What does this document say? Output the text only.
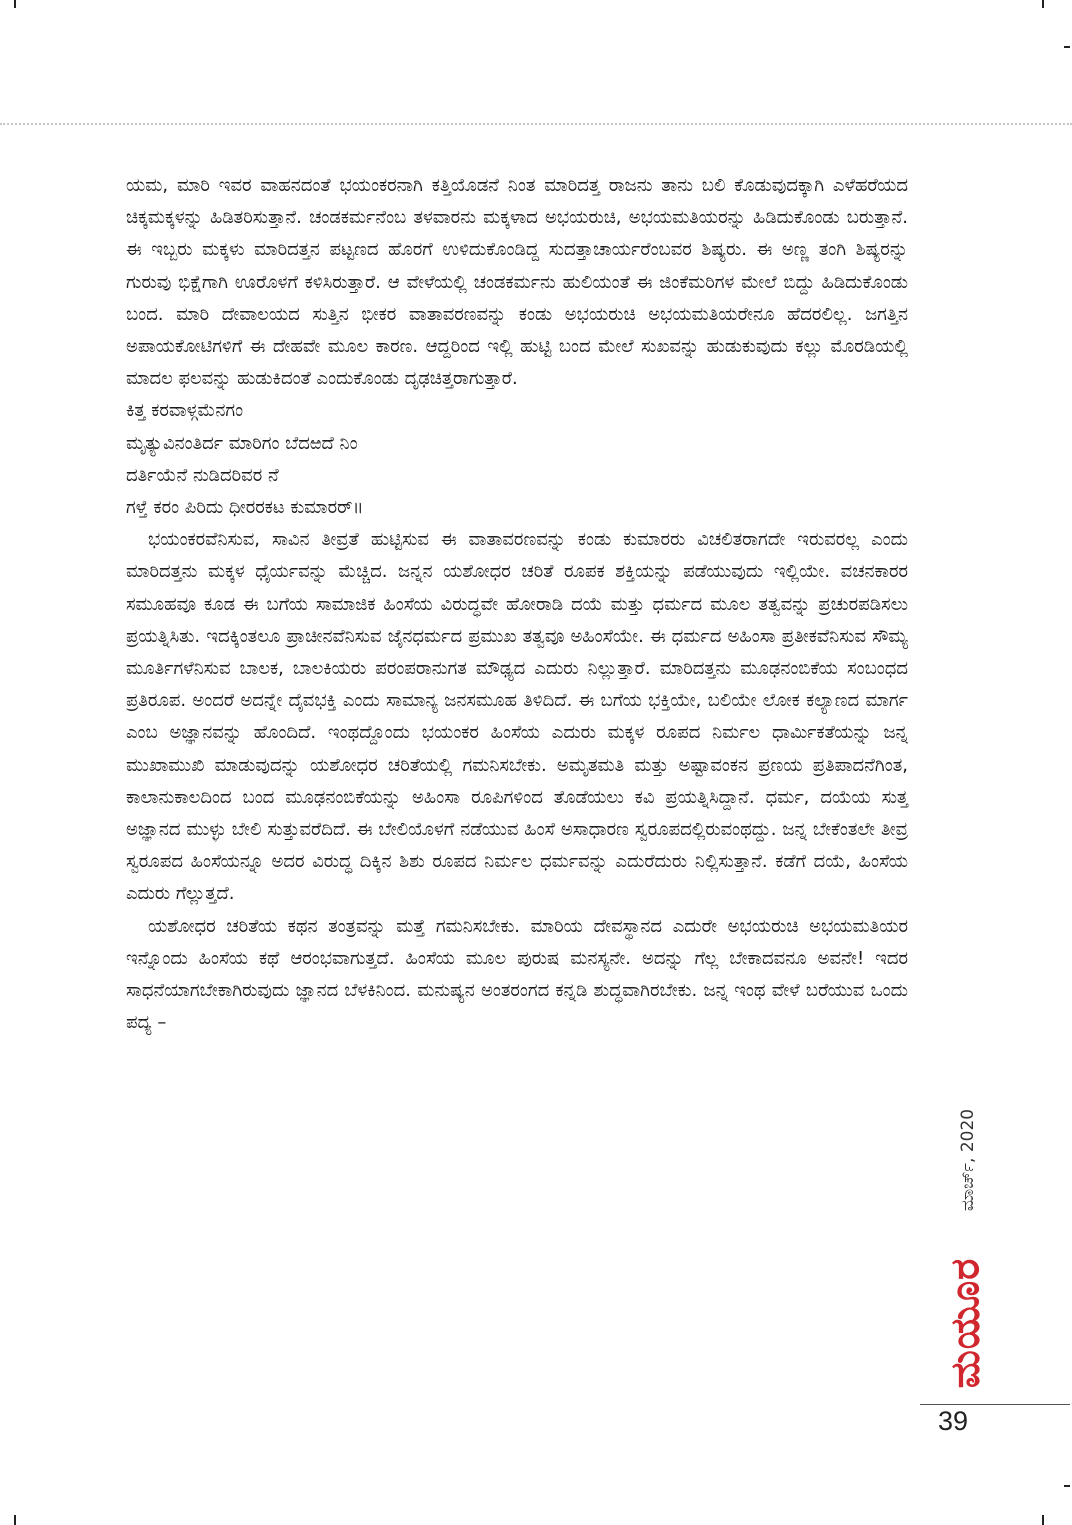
ಯಮ, ಮಾರಿ ಇವರ ವಾಹನದಂತೆ ಭಯಂಕರನಾಗಿ ಕತ್ತಿಯೊಡನೆ ನಿಂತ ಮಾರಿದತ್ತ ರಾಜನು ತಾನು ಬಲಿ ಕೊಡುವುದಕ್ಕಾಗಿ ಎಳೆಹರೆಯದ ಚಿಕ್ಕಮಕ್ಕಳನ್ನು ಹಿಡಿತರಿಸುತ್ತಾನೆ. ಚಂಡಕರ್ಮನೆಂಬ ತಳವಾರನು ಮಕ್ಕಳಾದ ಅಭಯರುಚಿ, ಅಭಯಮತಿಯರನ್ನು ಹಿಡಿದುಕೊಂಡು ಬರುತ್ತಾನೆ. ಈ ಇಬ್ಬರು ಮಕ್ಕಳು ಮಾರಿದತ್ತನ ಪಟ್ಟಣದ ಹೊರಗೆ ಉಳಿದುಕೊಂಡಿದ್ದ ಸುದತ್ತಾಚಾರ್ಯರೆಂಬವರ ಶಿಷ್ಯರು. ಈ ಅಣ್ಣ ತಂಗಿ ಶಿಷ್ಯರನ್ನು ಗುರುವು ಭಿಕ್ಷೆಗಾಗಿ ಊರೊಳಗೆ ಕಳಿಸಿರುತ್ತಾರೆ. ಆ ವೇಳೆಯಲ್ಲಿ ಚಂಡಕರ್ಮನು ಹುಲಿಯಂತೆ ಈ ಜಿಂಕೆಮರಿಗಳ ಮೇಲೆ ಬಿದ್ದು ಹಿಡಿದುಕೊಂಡು ಬಂದ. ಮಾರಿ ದೇವಾಲಯದ ಸುತ್ತಿನ ಭೀಕರ ವಾತಾವರಣವನ್ನು ಕಂಡು ಅಭಯರುಚಿ ಅಭಯಮತಿಯರೇನೂ ಹೆದರಲಿಲ್ಲ. ಜಗತ್ತಿನ ಅಪಾಯಕೋಟಿಗಳಿಗೆ ಈ ದೇಹವೇ ಮೂಲ ಕಾರಣ. ಆದ್ದರಿಂದ ಇಲ್ಲಿ ಹುಟ್ಟಿ ಬಂದ ಮೇಲೆ ಸುಖವನ್ನು ಹುಡುಕುವುದು ಕಲ್ಲು ಮೊರಡಿಯಲ್ಲಿ ಮಾದಲ ಫಲವನ್ನು ಹುಡುಕಿದಂತೆ ಎಂದುಕೊಂಡು ದೃಢಚಿತ್ತರಾಗುತ್ತಾರೆ.

ಕಿತ್ತ ಕರವಾಳ್ಗಮೆನಗಂ
ಮೃತ್ಯುವಿನಂತಿರ್ದ ಮಾರಿಗಂ ಬೆದಱದೆ ನಿಂ
ದರ್ತಿಯೆನೆ ನುಡಿದರಿವರ ನೆ
ಗಳ್ತೆ ಕರಂ ಪಿರಿದು ಧೀರರಕಟ ಕುಮಾರರ್॥

ಭಯಂಕರವೆನಿಸುವ, ಸಾವಿನ ತೀವ್ರತೆ ಹುಟ್ಟಿಸುವ ಈ ವಾತಾವರಣವನ್ನು ಕಂಡು ಕುಮಾರರು ವಿಚಲಿತರಾಗದೇ ಇರುವರಲ್ಲ ಎಂದು ಮಾರಿದತ್ತನು ಮಕ್ಕಳ ಧೈರ್ಯವನ್ನು ಮೆಚ್ಚಿದ. ಜನ್ನನ ಯಶೋಧರ ಚರಿತೆ ರೂಪಕ ಶಕ್ತಿಯನ್ನು ಪಡೆಯುವುದು ಇಲ್ಲಿಯೇ. ವಚನಕಾರರ ಸಮೂಹವೂ ಕೂಡ ಈ ಬಗೆಯ ಸಾಮಾಜಿಕ ಹಿಂಸೆಯ ವಿರುದ್ಧವೇ ಹೋರಾಡಿ ದಯೆ ಮತ್ತು ಧರ್ಮದ ಮೂಲ ತತ್ವವನ್ನು ಪ್ರಚುರಪಡಿಸಲು ಪ್ರಯತ್ನಿಸಿತು. ಇದಕ್ಕಿಂತಲೂ ಪ್ರಾಚೀನವೆನಿಸುವ ಜೈನಧರ್ಮದ ಪ್ರಮುಖ ತತ್ವವೂ ಅಹಿಂಸೆಯೇ. ಈ ಧರ್ಮದ ಅಹಿಂಸಾ ಪ್ರತೀಕವೆನಿಸುವ ಸೌಮ್ಯ ಮೂರ್ತಿಗಳೆನಿಸುವ ಬಾಲಕ, ಬಾಲಕಿಯರು ಪರಂಪರಾನುಗತ ಮೌಢ್ಯದ ಎದುರು ನಿಲ್ಲುತ್ತಾರೆ. ಮಾರಿದತ್ತನು ಮೂಢನಂಬಿಕೆಯ ಸಂಬಂಧದ ಪ್ರತಿರೂಪ. ಅಂದರೆ ಅದನ್ನೇ ದೈವಭಕ್ತಿ ಎಂದು ಸಾಮಾನ್ಯ ಜನಸಮೂಹ ತಿಳಿದಿದೆ. ಈ ಬಗೆಯ ಭಕ್ತಿಯೇ, ಬಲಿಯೇ ಲೋಕ ಕಲ್ಯಾಣದ ಮಾರ್ಗ ಎಂಬ ಅಜ್ಞಾನವನ್ನು ಹೊಂದಿದೆ. ಇಂಥದ್ದೊಂದು ಭಯಂಕರ ಹಿಂಸೆಯ ಎದುರು ಮಕ್ಕಳ ರೂಪದ ನಿರ್ಮಲ ಧಾರ್ಮಿಕತೆಯನ್ನು ಜನ್ನ ಮುಖಾಮುಖಿ ಮಾಡುವುದನ್ನು ಯಶೋಧರ ಚರಿತೆಯಲ್ಲಿ ಗಮನಿಸಬೇಕು. ಅಮೃತಮತಿ ಮತ್ತು ಅಷ್ಟಾವಂಕನ ಪ್ರಣಯ ಪ್ರತಿಪಾದನೆಗಿಂತ, ಕಾಲಾನುಕಾಲದಿಂದ ಬಂದ ಮೂಢನಂಬಿಕೆಯನ್ನು ಅಹಿಂಸಾ ರೂಪಿಗಳಿಂದ ತೊಡೆಯಲು ಕವಿ ಪ್ರಯತ್ನಿಸಿದ್ದಾನೆ. ಧರ್ಮ, ದಯೆಯ ಸುತ್ತ ಅಜ್ಞಾನದ ಮುಳ್ಳು ಬೇಲಿ ಸುತ್ತುವರೆದಿದೆ. ಈ ಬೇಲಿಯೊಳಗೆ ನಡೆಯುವ ಹಿಂಸೆ ಅಸಾಧಾರಣ ಸ್ವರೂಪದಲ್ಲಿರುವಂಥದ್ದು. ಜನ್ನ ಬೇಕೆಂತಲೇ ತೀವ್ರ ಸ್ವರೂಪದ ಹಿಂಸೆಯನ್ನೂ ಅದರ ವಿರುದ್ಧ ದಿಕ್ಕಿನ ಶಿಶು ರೂಪದ ನಿರ್ಮಲ ಧರ್ಮವನ್ನು ಎದುರೆದುರು ನಿಲ್ಲಿಸುತ್ತಾನೆ. ಕಡೆಗೆ ದಯೆ, ಹಿಂಸೆಯ ಎದುರು ಗೆಲ್ಲುತ್ತದೆ.

ಯಶೋಧರ ಚರಿತೆಯ ಕಥನ ತಂತ್ರವನ್ನು ಮತ್ತೆ ಗಮನಿಸಬೇಕು. ಮಾರಿಯ ದೇವಸ್ಥಾನದ ಎದುರೇ ಅಭಯರುಚಿ ಅಭಯಮತಿಯರ ಇನ್ನೊಂದು ಹಿಂಸೆಯ ಕಥೆ ಆರಂಭವಾಗುತ್ತದೆ. ಹಿಂಸೆಯ ಮೂಲ ಪುರುಷ ಮನಸ್ಯನೇ. ಅದನ್ನು ಗೆಲ್ಲ ಬೇಕಾದವನೂ ಅವನೇ! ಇದರ ಸಾಧನೆಯಾಗಬೇಕಾಗಿರುವುದು ಜ್ಞಾನದ ಬೆಳಕಿನಿಂದ. ಮನುಷ್ಯನ ಅಂತರಂಗದ ಕನ್ನಡಿ ಶುದ್ಧವಾಗಿರಬೇಕು. ಜನ್ನ ಇಂಥ ವೇಳೆ ಬರೆಯುವ ಒಂದು ಪದ್ಯ –

ಮಾರ್ಚ್, 2020
ಮಯೂರ
39
